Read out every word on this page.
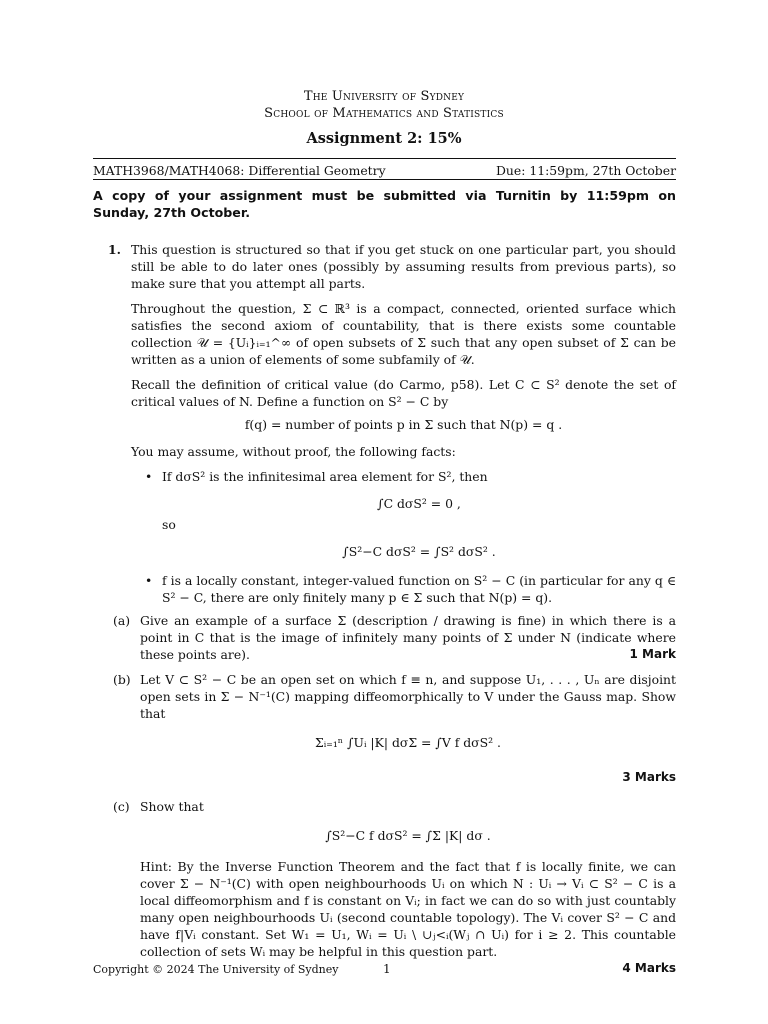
The University of Sydney
School of Mathematics and Statistics
Assignment 2: 15%
MATH3968/MATH4068: Differential Geometry	Due: 11:59pm, 27th October
A copy of your assignment must be submitted via Turnitin by 11:59pm on Sunday, 27th October.
1. This question is structured so that if you get stuck on one particular part, you should still be able to do later ones (possibly by assuming results from previous parts), so make sure that you attempt all parts.

Throughout the question, Σ ⊂ ℝ³ is a compact, connected, oriented surface which satisfies the second axiom of countability, that is there exists some countable collection 𝒰 = {Uᵢ}ᵢ₌₁^∞ of open subsets of Σ such that any open subset of Σ can be written as a union of elements of some subfamily of 𝒰.

Recall the definition of critical value (do Carmo, p58). Let C ⊂ S² denote the set of critical values of N. Define a function on S² − C by

f(q) = number of points p in Σ such that N(p) = q .

You may assume, without proof, the following facts:

• If dσS² is the infinitesimal area element for S², then
∫C dσS² = 0 ,
so
∫S²−C dσS² = ∫S² dσS² .
• f is a locally constant, integer-valued function on S² − C (in particular for any q ∈ S² − C, there are only finitely many p ∈ Σ such that N(p) = q).
(a) Give an example of a surface Σ (description / drawing is fine) in which there is a point in C that is the image of infinitely many points of Σ under N (indicate where these points are).	1 Mark
(b) Let V ⊂ S² − C be an open set on which f ≡ n, and suppose U₁, . . . , Uₙ are disjoint open sets in Σ − N⁻¹(C) mapping diffeomorphically to V under the Gauss map. Show that
Σᵢ₌₁ⁿ ∫Uᵢ |K| dσΣ = ∫V f dσS² .
3 Marks
(c) Show that
∫S²−C f dσS² = ∫Σ |K| dσ .
Hint: By the Inverse Function Theorem and the fact that f is locally finite, we can cover Σ − N⁻¹(C) with open neighbourhoods Uᵢ on which N : Uᵢ → Vᵢ ⊂ S² − C is a local diffeomorphism and f is constant on Vᵢ; in fact we can do so with just countably many open neighbourhoods Uᵢ (second countable topology). The Vᵢ cover S² − C and have f|Vᵢ constant. Set W₁ = U₁, Wᵢ = Uᵢ \ ∪ⱼ<ᵢ(Wⱼ ∩ Uᵢ) for i ≥ 2. This countable collection of sets Wᵢ may be helpful in this question part.
4 Marks
Copyright © 2024 The University of Sydney	1
